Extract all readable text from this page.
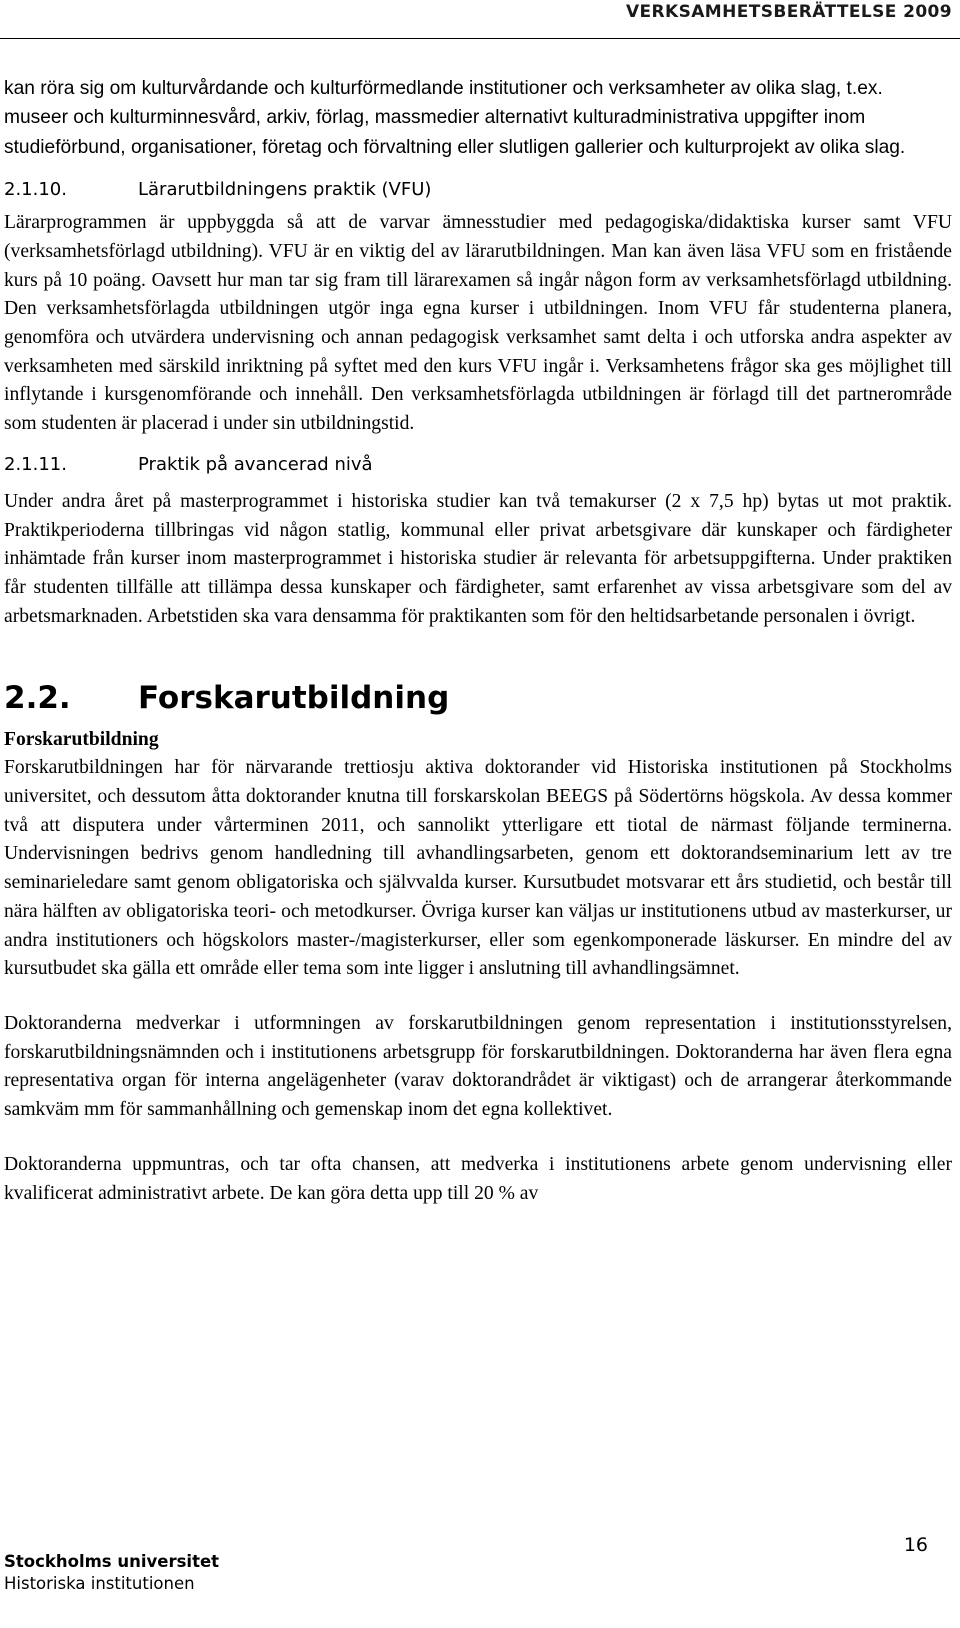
VERKSAMHETSBERÄTTELSE 2009

kan röra sig om kulturvårdande och kulturförmedlande institutioner och verksamheter av olika slag, t.ex. museer och kulturminnesvård, arkiv, förlag, massmedier alternativt kulturadministrativa uppgifter inom studieförbund, organisationer, företag och förvaltning eller slutligen gallerier och kulturprojekt av olika slag.

2.1.10.	Lärarutbildningens praktik (VFU)

Lärarprogrammen är uppbyggda så att de varvar ämnesstudier med pedagogiska/didaktiska kurser samt VFU (verksamhetsförlagd utbildning). VFU är en viktig del av lärarutbildningen. Man kan även läsa VFU som en fristående kurs på 10 poäng. Oavsett hur man tar sig fram till lärarexamen så ingår någon form av verksamhetsförlagd utbildning. Den verksamhetsförlagda utbildningen utgör inga egna kurser i utbildningen. Inom VFU får studenterna planera, genomföra och utvärdera undervisning och annan pedagogisk verksamhet samt delta i och utforska andra aspekter av verksamheten med särskild inriktning på syftet med den kurs VFU ingår i. Verksamhetens frågor ska ges möjlighet till inflytande i kursgenomförande och innehåll. Den verksamhetsförlagda utbildningen är förlagd till det partnerområde som studenten är placerad i under sin utbildningstid.

2.1.11.	Praktik på avancerad nivå

Under andra året på masterprogrammet i historiska studier kan två temakurser (2 x 7,5 hp) bytas ut mot praktik. Praktikperioderna tillbringas vid någon statlig, kommunal eller privat arbetsgivare där kunskaper och färdigheter inhämtade från kurser inom masterprogrammet i historiska studier är relevanta för arbetsuppgifterna. Under praktiken får studenten tillfälle att tillämpa dessa kunskaper och färdigheter, samt erfarenhet av vissa arbetsgivare som del av arbetsmarknaden. Arbetstiden ska vara densamma för praktikanten som för den heltidsarbetande personalen i övrigt.

2.2.	Forskarutbildning

Forskarutbildning

Forskarutbildningen har för närvarande trettiosju aktiva doktorander vid Historiska institutionen på Stockholms universitet, och dessutom åtta doktorander knutna till forskarskolan BEEGS på Södertörns högskola. Av dessa kommer två att disputera under vårterminen 2011, och sannolikt ytterligare ett tiotal de närmast följande terminerna. Undervisningen bedrivs genom handledning till avhandlingsarbeten, genom ett doktorandseminarium lett av tre seminarieledare samt genom obligatoriska och självvalda kurser. Kursutbudet motsvarar ett års studietid, och består till nära hälften av obligatoriska teori- och metodkurser. Övriga kurser kan väljas ur institutionens utbud av masterkurser, ur andra institutioners och högskolors master-/magisterkurser, eller som egenkomponerade läskurser. En mindre del av kursutbudet ska gälla ett område eller tema som inte ligger i anslutning till avhandlingsämnet.

Doktoranderna medverkar i utformningen av forskarutbildningen genom representation i institutionsstyrelsen, forskarutbildningsnämnden och i institutionens arbetsgrupp för forskarutbildningen. Doktoranderna har även flera egna representativa organ för interna angelägenheter (varav doktorandrådet är viktigast) och de arrangerar återkommande samkväm mm för sammanhållning och gemenskap inom det egna kollektivet.

Doktoranderna uppmuntras, och tar ofta chansen, att medverka i institutionens arbete genom undervisning eller kvalificerat administrativt arbete. De kan göra detta upp till 20 % av

16
Stockholms universitet
Historiska institutionen
